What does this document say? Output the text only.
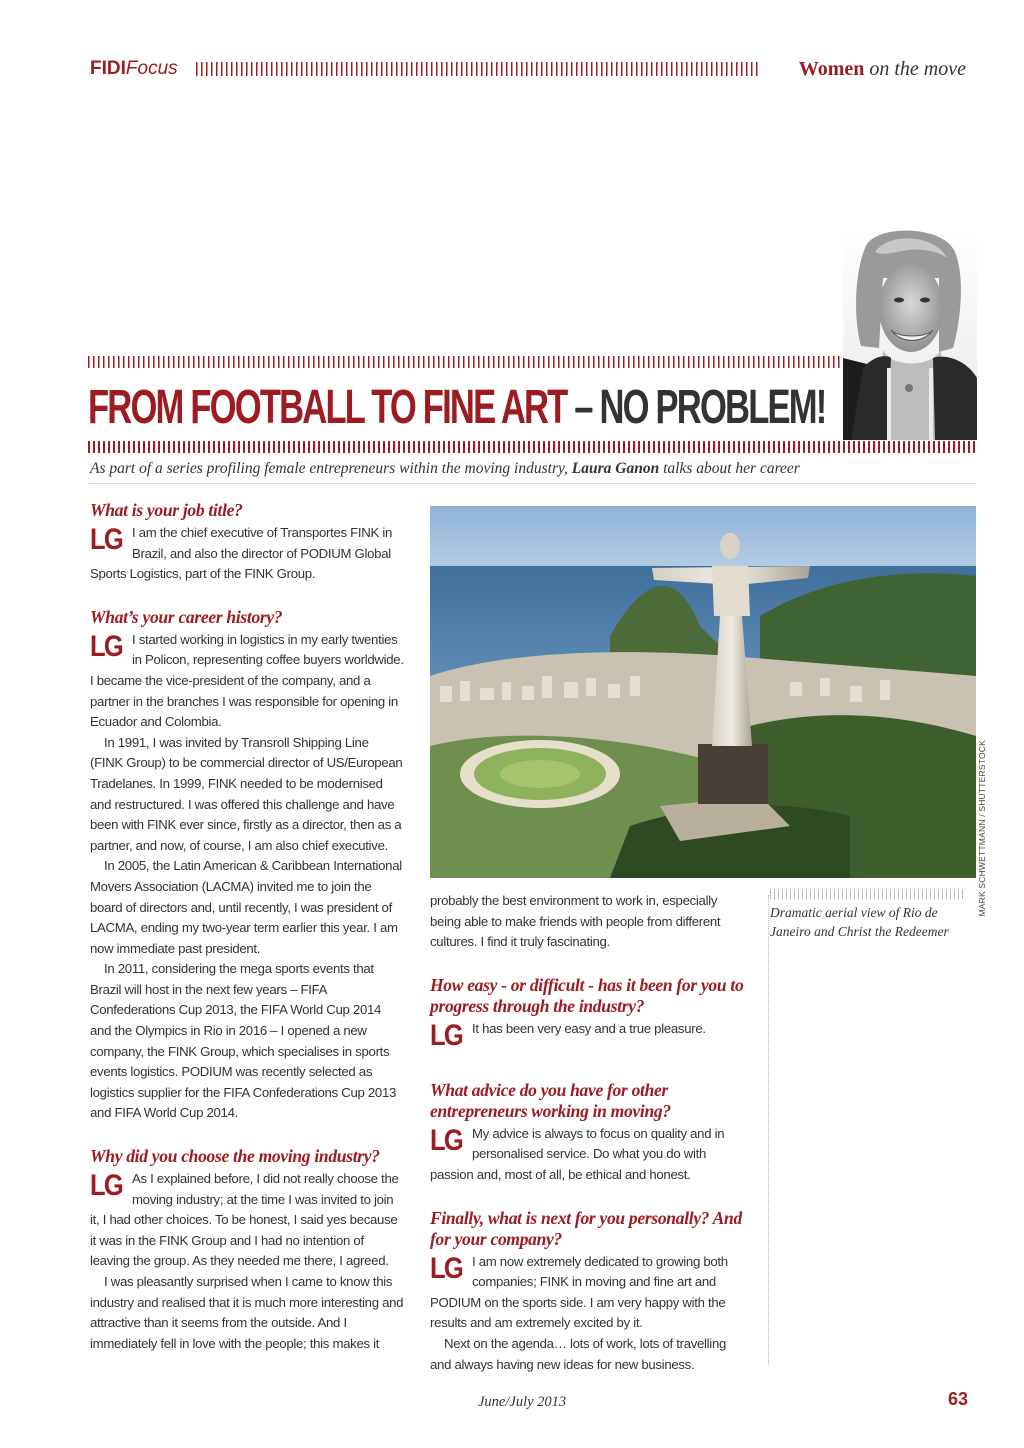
FIDIFocus	Women on the move
FROM FOOTBALL TO FINE ART – NO PROBLEM!
As part of a series profiling female entrepreneurs within the moving industry, Laura Ganon talks about her career
What is your job title?
LG I am the chief executive of Transportes FINK in Brazil, and also the director of PODIUM Global Sports Logistics, part of the FINK Group.

What’s your career history?
LG I started working in logistics in my early twenties in Policon, representing coffee buyers worldwide. I became the vice-president of the company, and a partner in the branches I was responsible for opening in Ecuador and Colombia.

In 1991, I was invited by Transroll Shipping Line (FINK Group) to be commercial director of US/European Tradelanes. In 1999, FINK needed to be modernised and restructured. I was offered this challenge and have been with FINK ever since, firstly as a director, then as a partner, and now, of course, I am also chief executive.

In 2005, the Latin American & Caribbean International Movers Association (LACMA) invited me to join the board of directors and, until recently, I was president of LACMA, ending my two-year term earlier this year. I am now immediate past president.

In 2011, considering the mega sports events that Brazil will host in the next few years – FIFA Confederations Cup 2013, the FIFA World Cup 2014 and the Olympics in Rio in 2016 – I opened a new company, the FINK Group, which specialises in sports events logistics. PODIUM was recently selected as logistics supplier for the FIFA Confederations Cup 2013 and FIFA World Cup 2014.

Why did you choose the moving industry?
LG As I explained before, I did not really choose the moving industry; at the time I was invited to join it, I had other choices. To be honest, I said yes because it was in the FINK Group and I had no intention of leaving the group. As they needed me there, I agreed.

I was pleasantly surprised when I came to know this industry and realised that it is much more interesting and attractive than it seems from the outside. And I immediately fell in love with the people; this makes it

MARK SCHWETTMANN / SHUTTERSTOCK
Dramatic aerial view of Rio de Janeiro and Christ the Redeemer

probably the best environment to work in, especially being able to make friends with people from different cultures. I find it truly fascinating.

How easy - or difficult - has it been for you to progress through the industry?
LG It has been very easy and a true pleasure.

What advice do you have for other entrepreneurs working in moving?
LG My advice is always to focus on quality and in personalised service. Do what you do with passion and, most of all, be ethical and honest.

Finally, what is next for you personally? And for your company?
LG I am now extremely dedicated to growing both companies; FINK in moving and fine art and PODIUM on the sports side. I am very happy with the results and am extremely excited by it.

Next on the agenda… lots of work, lots of travelling and always having new ideas for new business.

June/July 2013	63
